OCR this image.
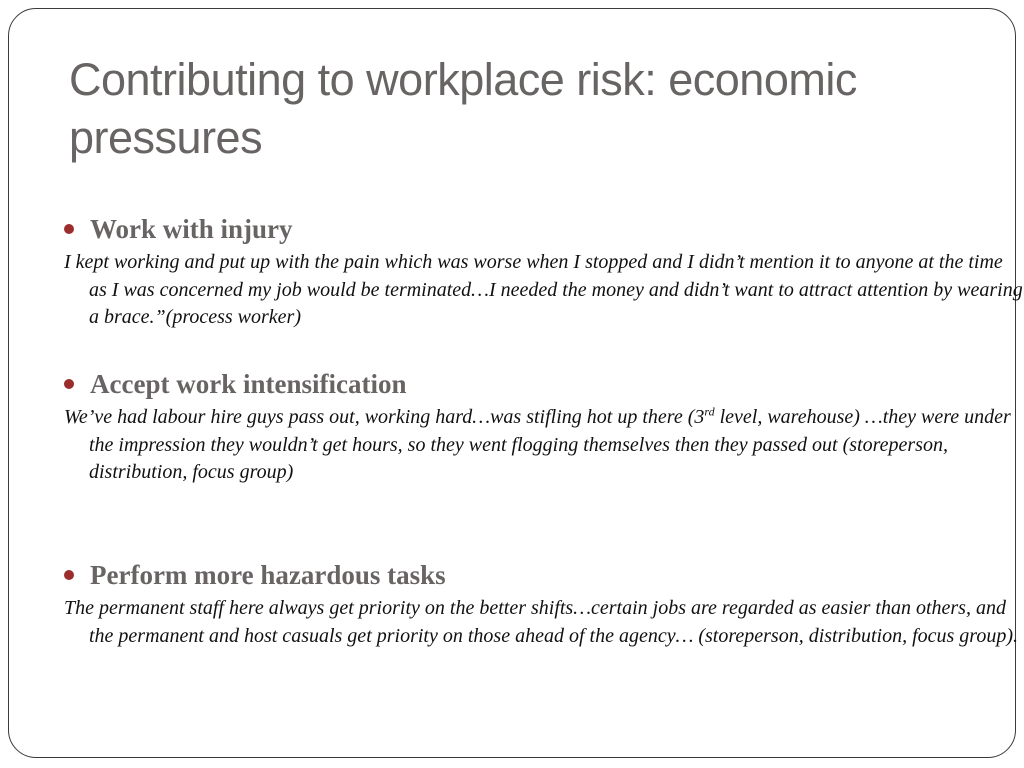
Contributing to workplace risk: economic pressures
Work with injury

I kept working and put up with the pain which was worse when I stopped and I didn’t mention it to anyone at the time as I was concerned my job would be terminated…I needed the money and didn’t want to attract attention by wearing a brace.”(process worker)

Accept work intensification

We’ve had labour hire guys pass out, working hard…was stifling hot up there (3rd level, warehouse) …they were under the impression they wouldn’t get hours, so they went flogging themselves then they passed out (storeperson, distribution, focus group)

Perform more hazardous tasks

The permanent staff here always get priority on the better shifts…certain jobs are regarded as easier than others, and the permanent and host casuals get priority on those ahead of the agency… (storeperson, distribution, focus group).
